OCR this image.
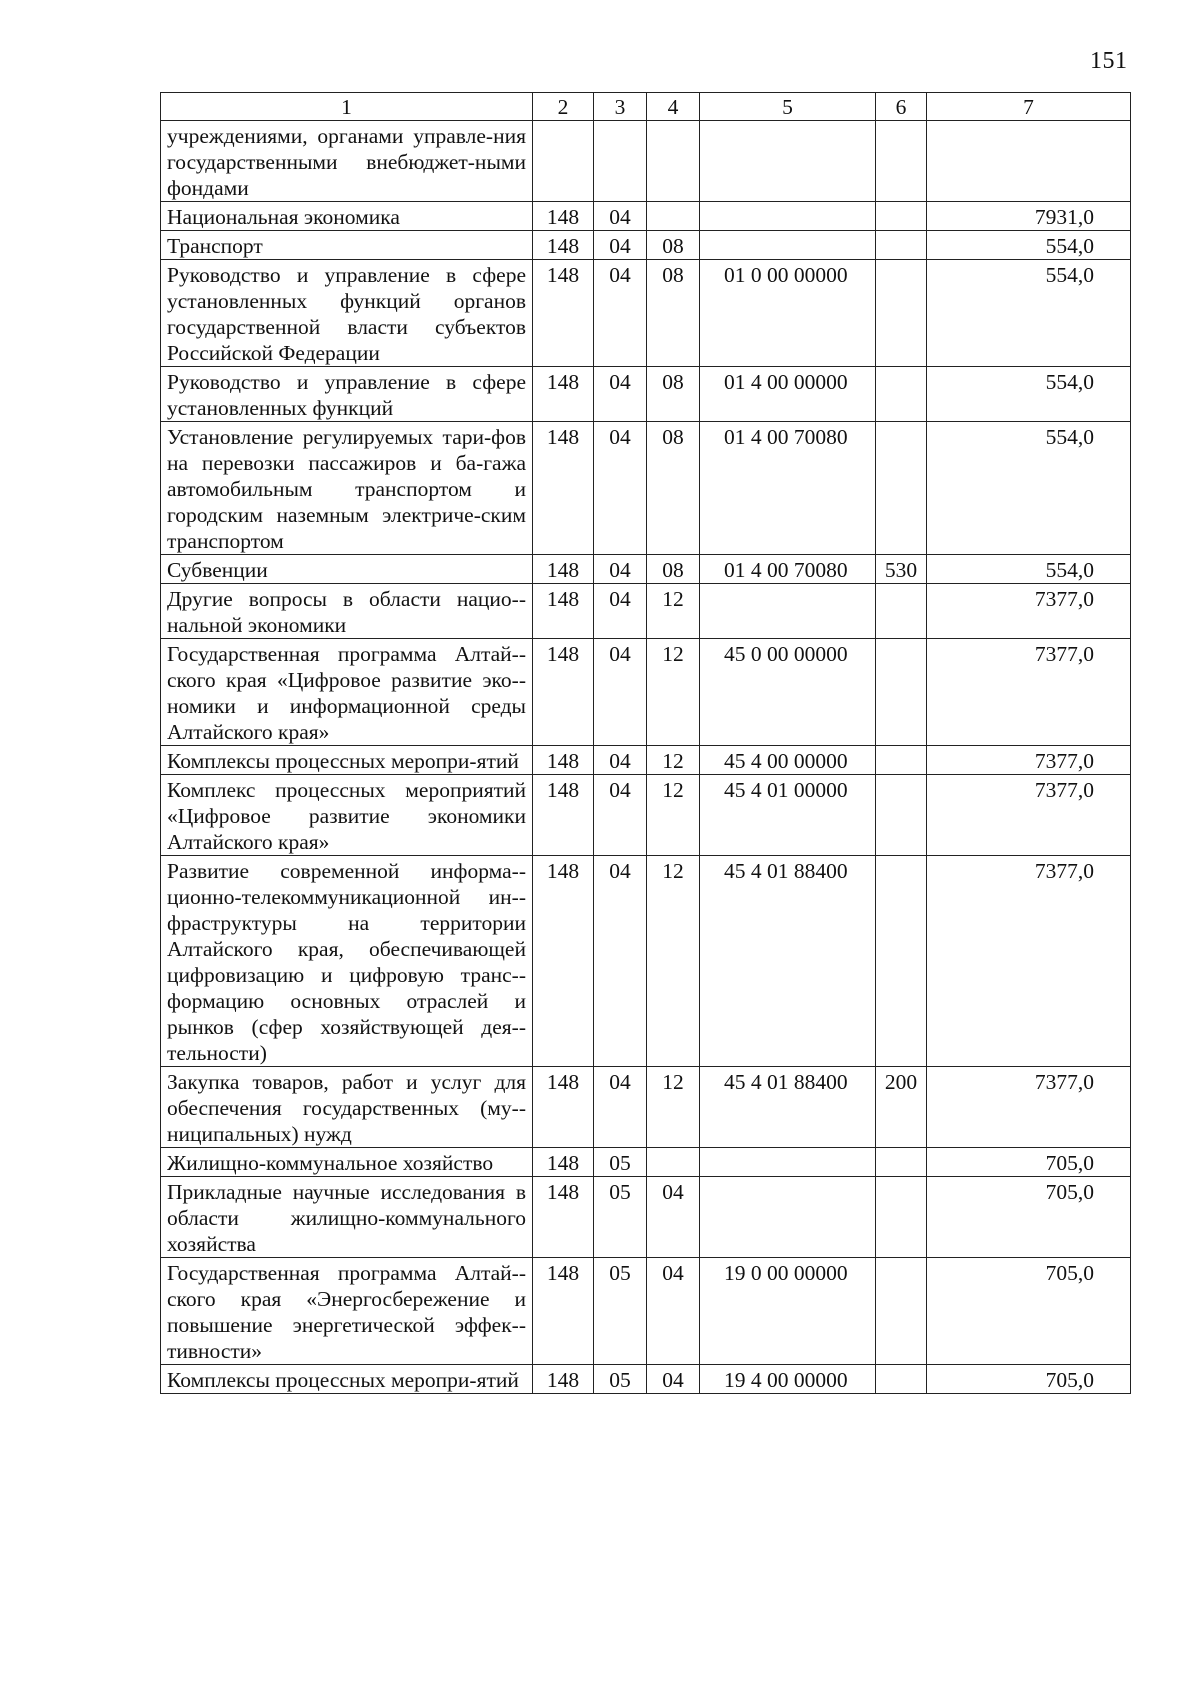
151
1	2	3	4	5	6	7
учреждениями, органами управле-ния государственными внебюджет-ными фондами						
Национальная экономика	148	04				7931,0
Транспорт	148	04	08			554,0
Руководство и управление в сфере установленных функций органов государственной власти субъектов Российской Федерации	148	04	08	01 0 00 00000		554,0
Руководство и управление в сфере установленных функций	148	04	08	01 4 00 00000		554,0
Установление регулируемых тари-фов на перевозки пассажиров и ба-гажа автомобильным транспортом и городским наземным электриче-ским транспортом	148	04	08	01 4 00 70080		554,0
Субвенции	148	04	08	01 4 00 70080	530	554,0
Другие вопросы в области нацио-нальной экономики	148	04	12			7377,0
Государственная программа Алтай-ского края «Цифровое развитие эко-номики и информационной среды Алтайского края»	148	04	12	45 0 00 00000		7377,0
Комплексы процессных меропри-ятий	148	04	12	45 4 00 00000		7377,0
Комплекс процессных мероприятий «Цифровое развитие экономики Алтайского края»	148	04	12	45 4 01 00000		7377,0
Развитие современной информа-ционно-телекоммуникационной ин-фраструктуры на территории Алтайского края, обеспечивающей цифровизацию и цифровую транс-формацию основных отраслей и рынков (сфер хозяйствующей дея-тельности)	148	04	12	45 4 01 88400		7377,0
Закупка товаров, работ и услуг для обеспечения государственных (му-ниципальных) нужд	148	04	12	45 4 01 88400	200	7377,0
Жилищно-коммунальное хозяйство	148	05				705,0
Прикладные научные исследования в области жилищно-коммунального хозяйства	148	05	04			705,0
Государственная программа Алтай-ского края «Энергосбережение и повышение энергетической эффек-тивности»	148	05	04	19 0 00 00000		705,0
Комплексы процессных меропри-ятий	148	05	04	19 4 00 00000		705,0
